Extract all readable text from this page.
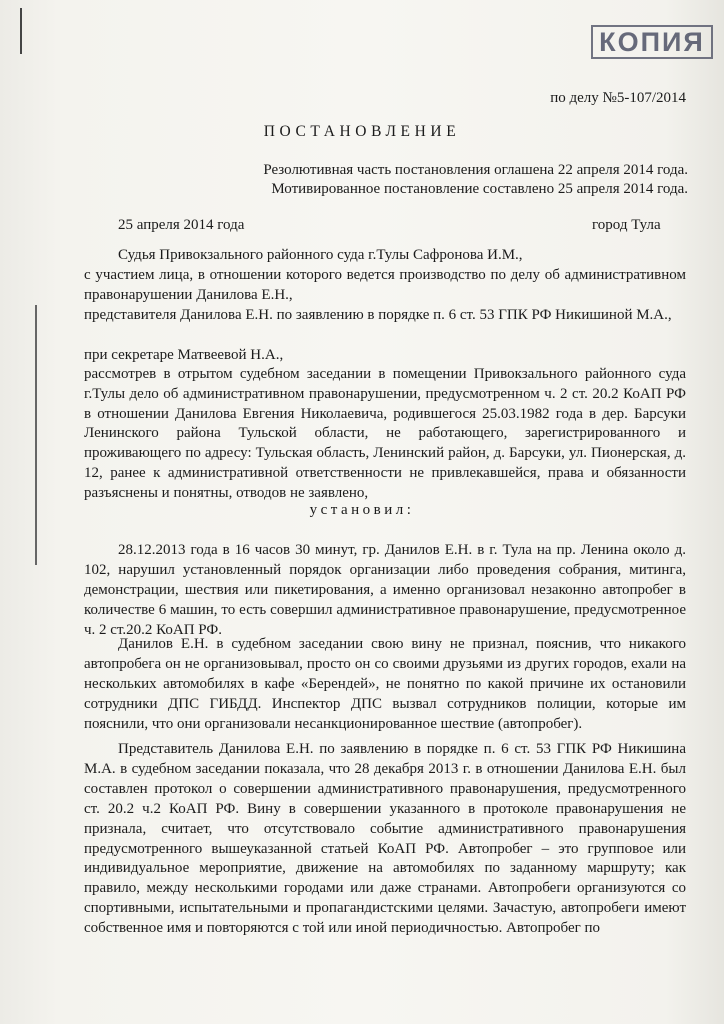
КОПИЯ
по делу №5-107/2014
ПОСТАНОВЛЕНИЕ
Резолютивная часть постановления оглашена 22 апреля 2014 года.
Мотивированное постановление составлено 25 апреля 2014 года.
25 апреля 2014 года	город Тула
Судья Привокзального районного суда г.Тулы Сафронова И.М.,
с участием лица, в отношении которого ведется производство по делу об административном правонарушении Данилова Е.Н.,
представителя Данилова Е.Н. по заявлению в порядке п. 6 ст. 53 ГПК РФ Никишиной М.А.,
при секретаре Матвеевой Н.А.,
рассмотрев в отрытом судебном заседании в помещении Привокзального районного суда г.Тулы дело об административном правонарушении, предусмотренном ч. 2 ст. 20.2 КоАП РФ в отношении Данилова Евгения Николаевича, родившегося 25.03.1982 года в дер. Барсуки Ленинского района Тульской области, не работающего, зарегистрированного и проживающего по адресу: Тульская область, Ленинский район, д. Барсуки, ул. Пионерская, д. 12, ранее к административной ответственности не привлекавшейся, права и обязанности разъяснены и понятны, отводов не заявлено,
установил:
28.12.2013 года в 16 часов 30 минут, гр. Данилов Е.Н. в г. Тула на пр. Ленина около д. 102, нарушил установленный порядок организации либо проведения собрания, митинга, демонстрации, шествия или пикетирования, а именно организовал незаконно автопробег в количестве 6 машин, то есть совершил административное правонарушение, предусмотренное ч. 2 ст.20.2 КоАП РФ.
Данилов Е.Н. в судебном заседании свою вину не признал, пояснив, что никакого автопробега он не организовывал, просто он со своими друзьями из других городов, ехали на нескольких автомобилях в кафе «Берендей», не понятно по какой причине их остановили сотрудники ДПС ГИБДД. Инспектор ДПС вызвал сотрудников полиции, которые им пояснили, что они организовали несанкционированное шествие (автопробег).
Представитель Данилова Е.Н. по заявлению в порядке п. 6 ст. 53 ГПК РФ Никишина М.А. в судебном заседании показала, что 28 декабря 2013 г. в отношении Данилова Е.Н. был составлен протокол о совершении административного правонарушения, предусмотренного ст. 20.2 ч.2 КоАП РФ. Вину в совершении указанного в протоколе правонарушения не признала, считает, что отсутствовало событие административного правонарушения предусмотренного вышеуказанной статьей КоАП РФ. Автопробег – это групповое или индивидуальное мероприятие, движение на автомобилях по заданному маршруту; как правило, между несколькими городами или даже странами. Автопробеги организуются со спортивными, испытательными и пропагандистскими целями. Зачастую, автопробеги имеют собственное имя и повторяются с той или иной периодичностью. Автопробег по
